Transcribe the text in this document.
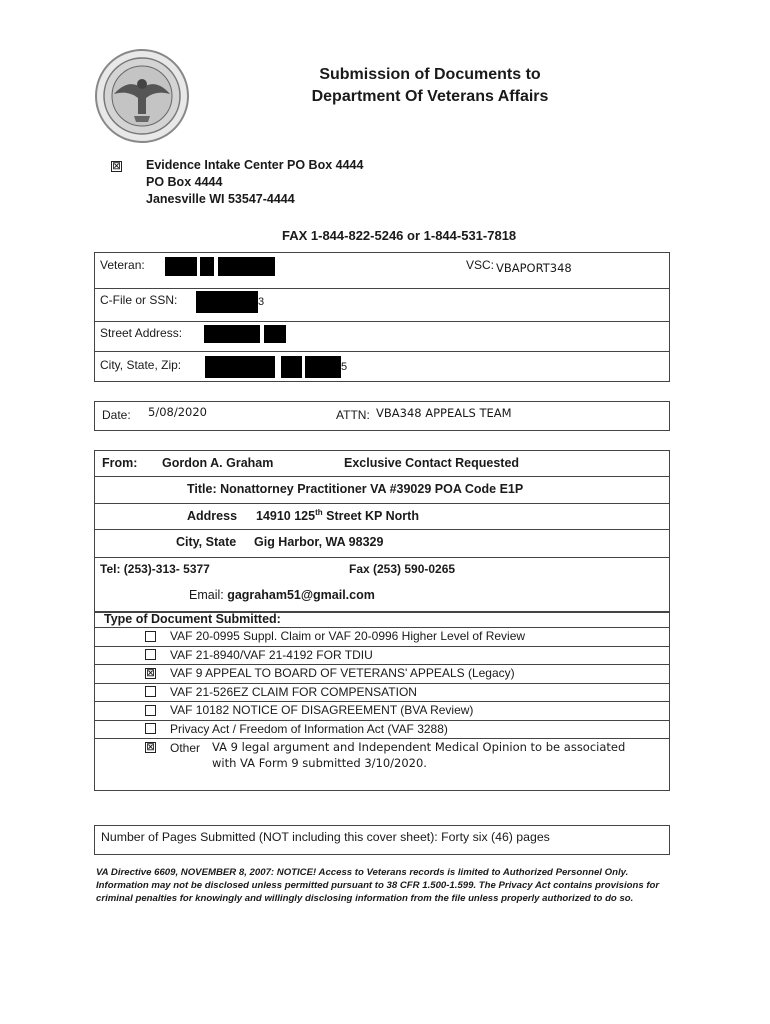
Submission of Documents to
Department Of Veterans Affairs
☒ Evidence Intake Center PO Box 4444
PO Box 4444
Janesville WI 53547-4444
FAX 1-844-822-5246 or 1-844-531-7818
Veteran:	VSC: VBAPORT348
C-File or SSN:	3
Street Address:
City, State, Zip:	5
Date: 5/08/2020	ATTN: VBA348 APPEALS TEAM
From: Gordon A. Graham	Exclusive Contact Requested
Title: Nonattorney Practitioner VA #39029 POA Code E1P
Address 14910 125th Street KP North
City, State Gig Harbor, WA 98329
Tel: (253)-313- 5377	Fax (253) 590-0265
Email: gagraham51@gmail.com
Type of Document Submitted:
VAF 20-0995 Suppl. Claim or VAF 20-0996 Higher Level of Review
VAF 21-8940/VAF 21-4192 FOR TDIU
☒ VAF 9 APPEAL TO BOARD OF VETERANS' APPEALS (Legacy)
VAF 21-526EZ CLAIM FOR COMPENSATION
VAF 10182 NOTICE OF DISAGREEMENT (BVA Review)
Privacy Act / Freedom of Information Act (VAF 3288)
☒ Other VA 9 legal argument and Independent Medical Opinion to be associated
with VA Form 9 submitted 3/10/2020.
Number of Pages Submitted (NOT including this cover sheet): Forty six (46) pages
VA Directive 6609, NOVEMBER 8, 2007: NOTICE! Access to Veterans records is limited to Authorized Personnel Only. Information may not be disclosed unless permitted pursuant to 38 CFR 1.500-1.599. The Privacy Act contains provisions for criminal penalties for knowingly and willingly disclosing information from the file unless properly authorized to do so.
